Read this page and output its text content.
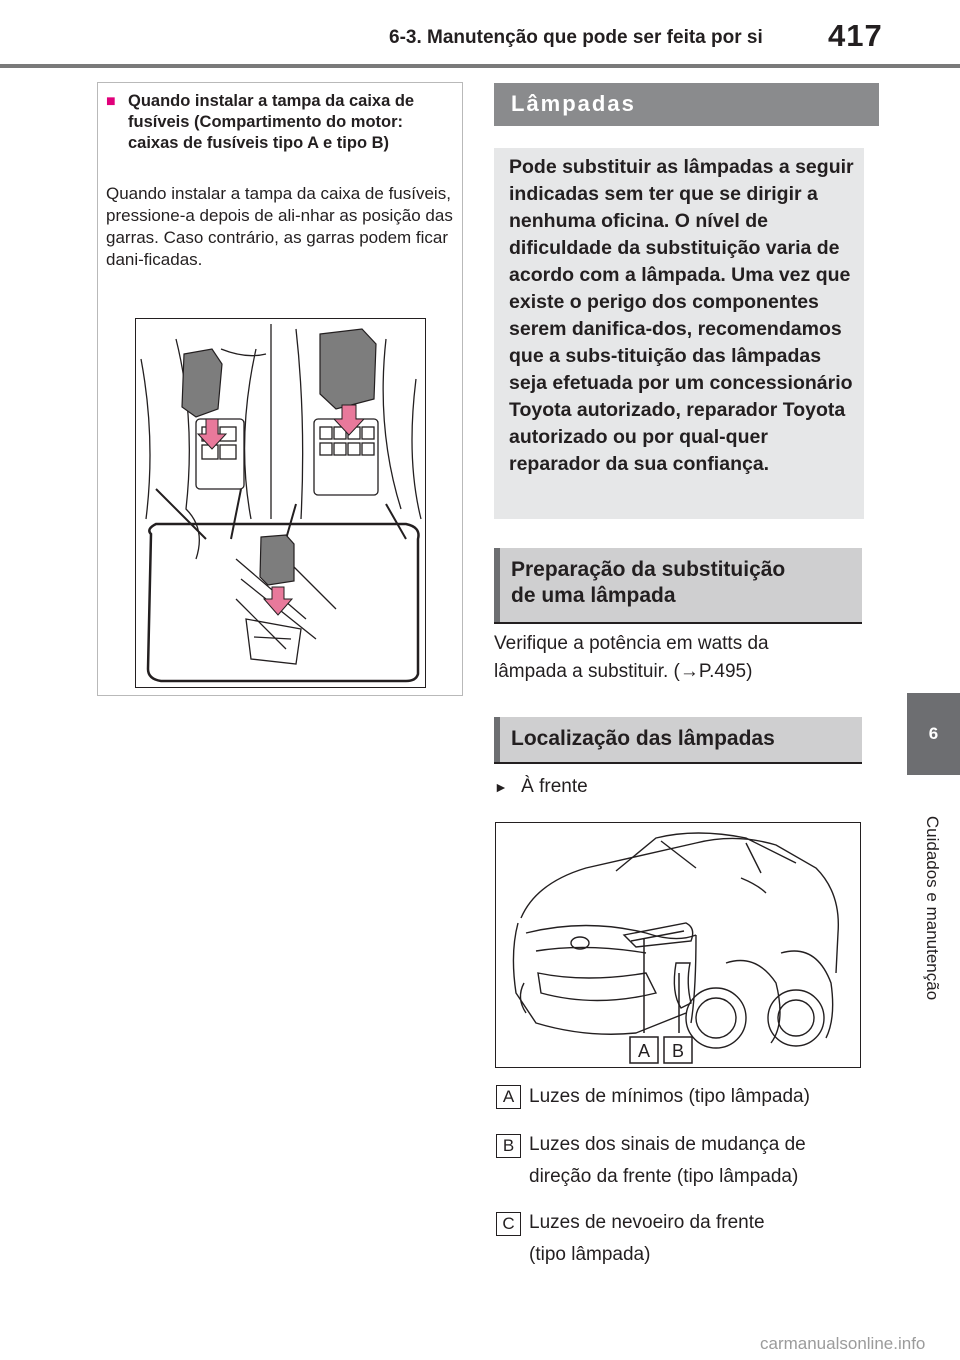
6-3. Manutenção que pode ser feita por si 417
6
Cuidados e manutenção
■ Quando instalar a tampa da caixa de fusíveis (Compartimento do motor: caixas de fusíveis tipo A e tipo B)
Quando instalar a tampa da caixa de fusíveis, pressione-a depois de ali-nhar as posição das garras. Caso contrário, as garras podem ficar dani-ficadas.
Lâmpadas
Pode substituir as lâmpadas a seguir indicadas sem ter que se dirigir a nenhuma oficina. O nível de dificuldade da substituição varia de acordo com a lâmpada. Uma vez que existe o perigo dos componentes serem danifica-dos, recomendamos que a subs-tituição das lâmpadas seja efetuada por um concessionário Toyota autorizado, reparador Toyota autorizado ou por qual-quer reparador da sua confiança.
Preparação da substituição
de uma lâmpada
Verifique a potência em watts da
lâmpada a substituir. (→P.495)
Localização das lâmpadas
► À frente
A B
A Luzes de mínimos (tipo lâmpada)
B Luzes dos sinais de mudança de
direção da frente (tipo lâmpada)
C Luzes de nevoeiro da frente
(tipo lâmpada)
carmanualsonline.info
